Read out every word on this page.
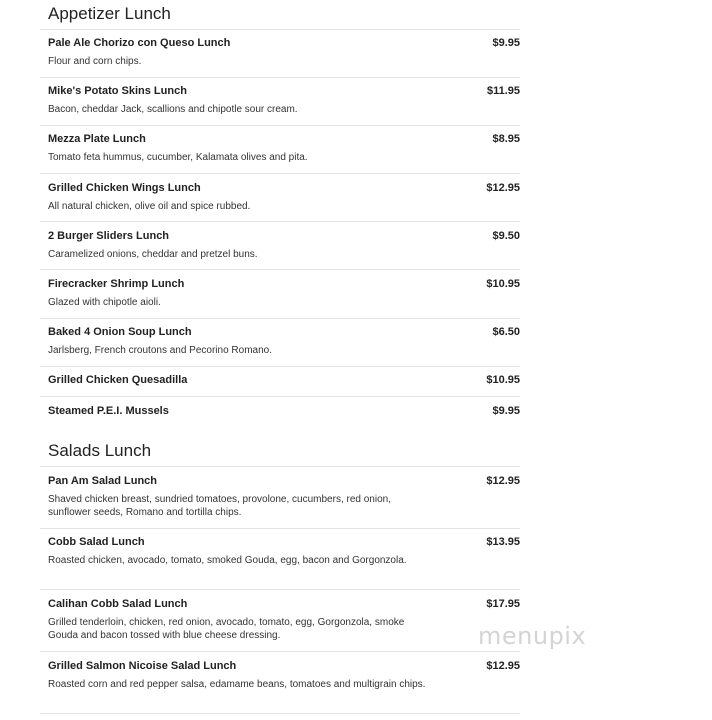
Appetizer Lunch
Pale Ale Chorizo con Queso Lunch	$9.95
Flour and corn chips.
Mike's Potato Skins Lunch	$11.95
Bacon, cheddar Jack, scallions and chipotle sour cream.
Mezza Plate Lunch	$8.95
Tomato feta hummus, cucumber, Kalamata olives and pita.
Grilled Chicken Wings Lunch	$12.95
All natural chicken, olive oil and spice rubbed.
2 Burger Sliders Lunch	$9.50
Caramelized onions, cheddar and pretzel buns.
Firecracker Shrimp Lunch	$10.95
Glazed with chipotle aioli.
Baked 4 Onion Soup Lunch	$6.50
Jarlsberg, French croutons and Pecorino Romano.
Grilled Chicken Quesadilla	$10.95
Steamed P.E.I. Mussels	$9.95
Salads Lunch
Pan Am Salad Lunch	$12.95
Shaved chicken breast, sundried tomatoes, provolone, cucumbers, red onion, sunflower seeds, Romano and tortilla chips.
Cobb Salad Lunch	$13.95
Roasted chicken, avocado, tomato, smoked Gouda, egg, bacon and Gorgonzola.
Calihan Cobb Salad Lunch	$17.95
Grilled tenderloin, chicken, red onion, avocado, tomato, egg, Gorgonzola, smoke Gouda and bacon tossed with blue cheese dressing.
Grilled Salmon Nicoise Salad Lunch	$12.95
Roasted corn and red pepper salsa, edamame beans, tomatoes and multigrain chips.
menupix
